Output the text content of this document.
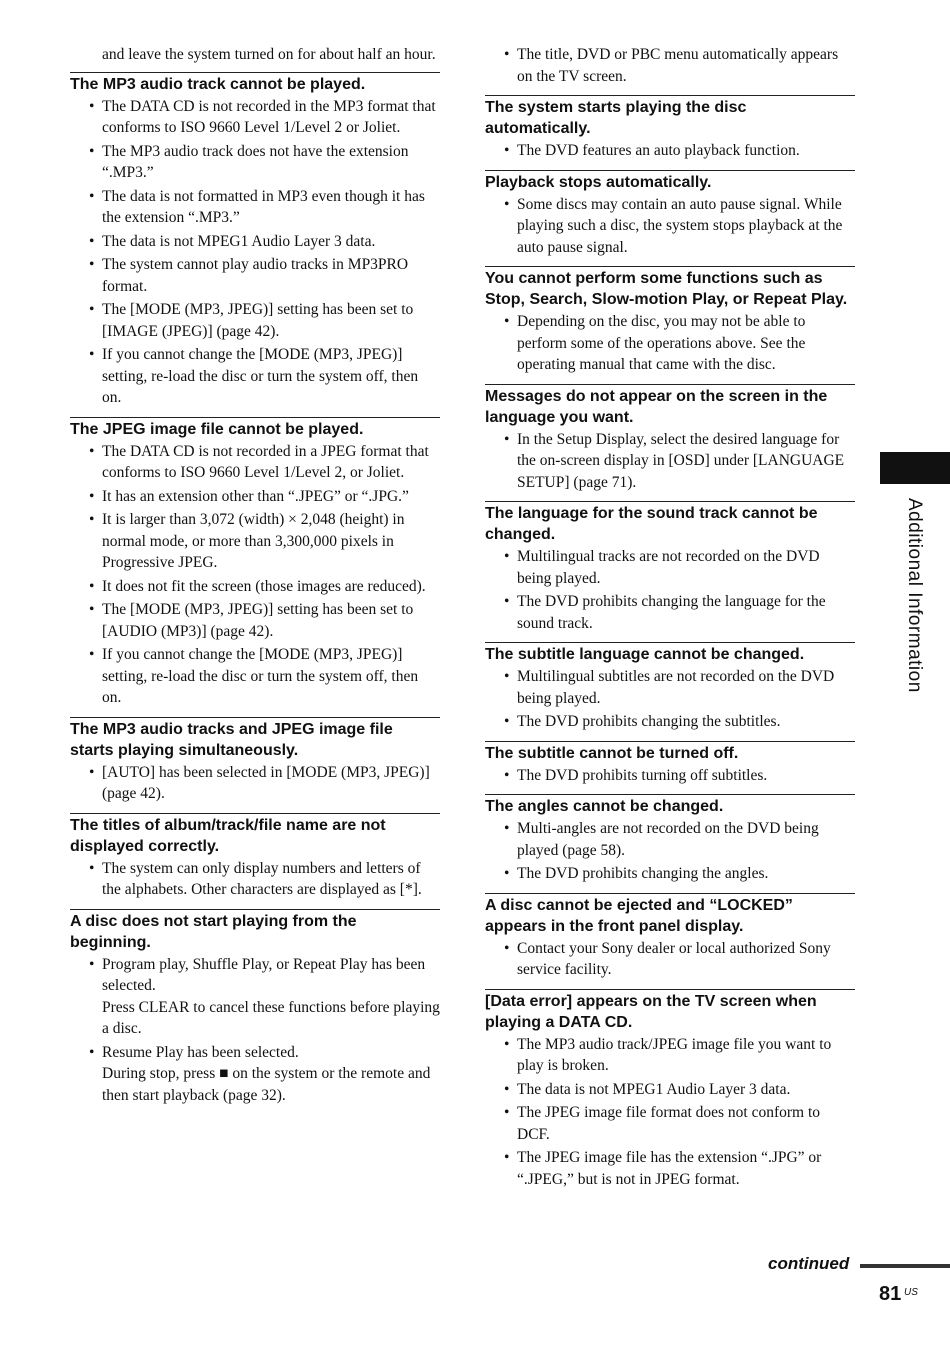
and leave the system turned on for about half an hour.

The MP3 audio track cannot be played.
• The DATA CD is not recorded in the MP3 format that conforms to ISO 9660 Level 1/Level 2 or Joliet.
• The MP3 audio track does not have the extension “.MP3.”
• The data is not formatted in MP3 even though it has the extension “.MP3.”
• The data is not MPEG1 Audio Layer 3 data.
• The system cannot play audio tracks in MP3PRO format.
• The [MODE (MP3, JPEG)] setting has been set to [IMAGE (JPEG)] (page 42).
• If you cannot change the [MODE (MP3, JPEG)] setting, re-load the disc or turn the system off, then on.
The JPEG image file cannot be played.
• The DATA CD is not recorded in a JPEG format that conforms to ISO 9660 Level 1/Level 2, or Joliet.
• It has an extension other than “.JPEG” or “.JPG.”
• It is larger than 3,072 (width) × 2,048 (height) in normal mode, or more than 3,300,000 pixels in Progressive JPEG.
• It does not fit the screen (those images are reduced).
• The [MODE (MP3, JPEG)] setting has been set to [AUDIO (MP3)] (page 42).
• If you cannot change the [MODE (MP3, JPEG)] setting, re-load the disc or turn the system off, then on.
The MP3 audio tracks and JPEG image file starts playing simultaneously.
• [AUTO] has been selected in [MODE (MP3, JPEG)] (page 42).
The titles of album/track/file name are not displayed correctly.
• The system can only display numbers and letters of the alphabets. Other characters are displayed as [*].
A disc does not start playing from the beginning.
• Program play, Shuffle Play, or Repeat Play has been selected.
Press CLEAR to cancel these functions before playing a disc.
• Resume Play has been selected.
During stop, press ■ on the system or the remote and then start playback (page 32).
• The title, DVD or PBC menu automatically appears on the TV screen.
The system starts playing the disc automatically.
• The DVD features an auto playback function.
Playback stops automatically.
• Some discs may contain an auto pause signal. While playing such a disc, the system stops playback at the auto pause signal.
You cannot perform some functions such as Stop, Search, Slow-motion Play, or Repeat Play.
• Depending on the disc, you may not be able to perform some of the operations above. See the operating manual that came with the disc.
Messages do not appear on the screen in the language you want.
• In the Setup Display, select the desired language for the on-screen display in [OSD] under [LANGUAGE SETUP] (page 71).
The language for the sound track cannot be changed.
• Multilingual tracks are not recorded on the DVD being played.
• The DVD prohibits changing the language for the sound track.
The subtitle language cannot be changed.
• Multilingual subtitles are not recorded on the DVD being played.
• The DVD prohibits changing the subtitles.
The subtitle cannot be turned off.
• The DVD prohibits turning off subtitles.
The angles cannot be changed.
• Multi-angles are not recorded on the DVD being played (page 58).
• The DVD prohibits changing the angles.
A disc cannot be ejected and “LOCKED” appears in the front panel display.
• Contact your Sony dealer or local authorized Sony service facility.
[Data error] appears on the TV screen when playing a DATA CD.
• The MP3 audio track/JPEG image file you want to play is broken.
• The data is not MPEG1 Audio Layer 3 data.
• The JPEG image file format does not conform to DCF.
• The JPEG image file has the extension “.JPG” or “.JPEG,” but is not in JPEG format.
Additional Information
continued
81 US
